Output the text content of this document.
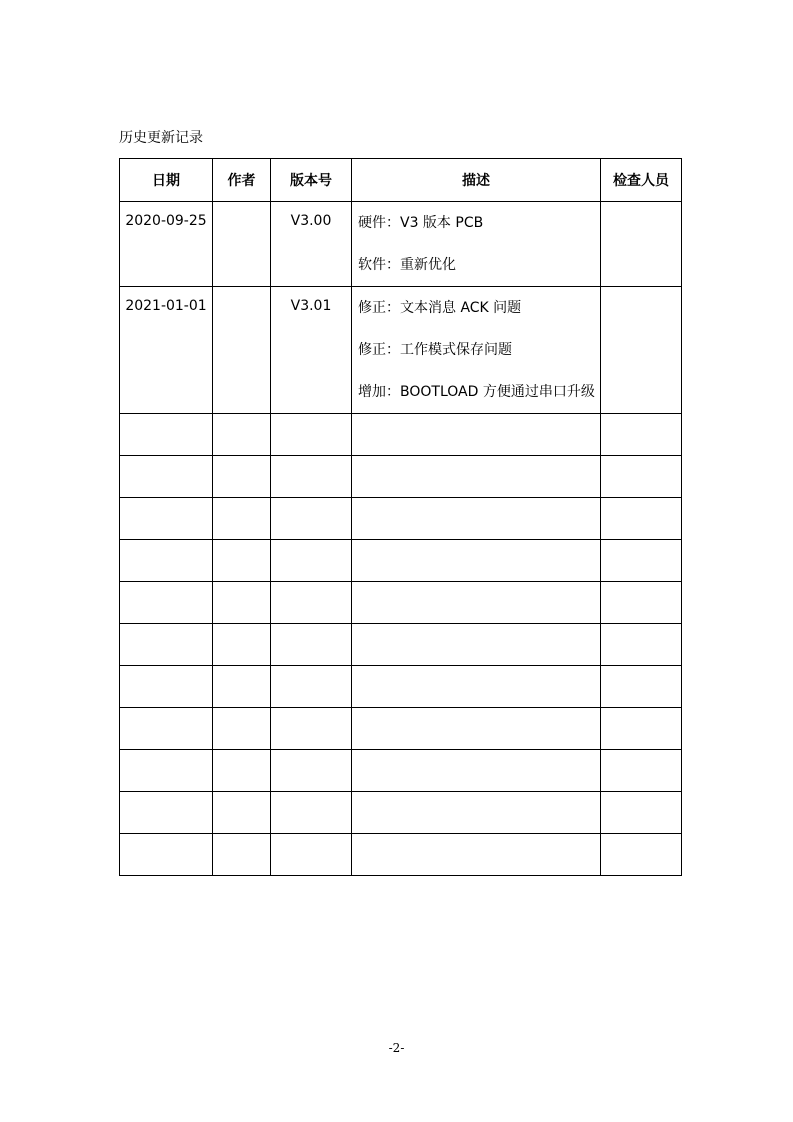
历史更新记录
日期	作者	版本号	描述	检查人员
2020-09-25		V3.00	硬件：V3 版本 PCB
软件：重新优化	

2021-01-01		V3.01	修正：文本消息 ACK 问题
修正：工作模式保存问题
增加：BOOTLOAD 方便通过串口升级	

-2-
